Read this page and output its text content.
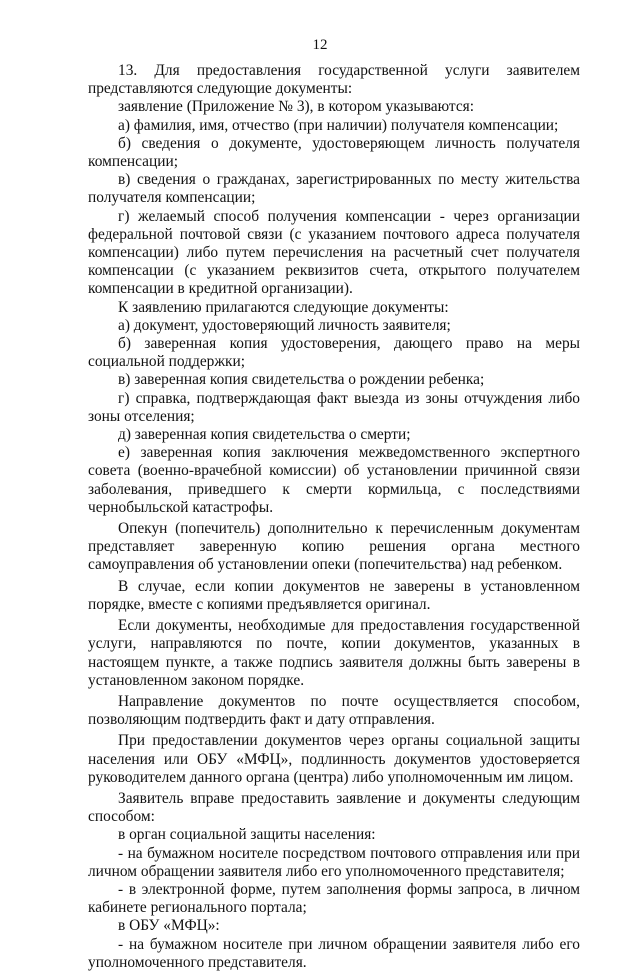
12

13. Для предоставления государственной услуги заявителем представляются следующие документы:

заявление (Приложение № 3), в котором указываются:

а) фамилия, имя, отчество (при наличии) получателя компенсации;

б) сведения о документе, удостоверяющем личность получателя компенсации;

в) сведения о гражданах, зарегистрированных по месту жительства получателя компенсации;

г) желаемый способ получения компенсации - через организации федеральной почтовой связи (с указанием почтового адреса получателя компенсации) либо путем перечисления на расчетный счет получателя компенсации (с указанием реквизитов счета, открытого получателем компенсации в кредитной организации).

К заявлению прилагаются следующие документы:

а) документ, удостоверяющий личность заявителя;

б) заверенная копия удостоверения, дающего право на меры социальной поддержки;

в) заверенная копия свидетельства о рождении ребенка;

г) справка, подтверждающая факт выезда из зоны отчуждения либо зоны отселения;

д) заверенная копия свидетельства о смерти;

е) заверенная копия заключения межведомственного экспертного совета (военно-врачебной комиссии) об установлении причинной связи заболевания, приведшего к смерти кормильца, с последствиями чернобыльской катастрофы.

Опекун (попечитель) дополнительно к перечисленным документам представляет заверенную копию решения органа местного самоуправления об установлении опеки (попечительства) над ребенком.

В случае, если копии документов не заверены в установленном порядке, вместе с копиями предъявляется оригинал.

Если документы, необходимые для предоставления государственной услуги, направляются по почте, копии документов, указанных в настоящем пункте, а также подпись заявителя должны быть заверены в установленном законом порядке.

Направление документов по почте осуществляется способом, позволяющим подтвердить факт и дату отправления.

При предоставлении документов через органы социальной защиты населения или ОБУ «МФЦ», подлинность документов удостоверяется руководителем данного органа (центра) либо уполномоченным им лицом.

Заявитель вправе предоставить заявление и документы следующим способом:

в орган социальной защиты населения:

- на бумажном носителе посредством почтового отправления или при личном обращении заявителя либо его уполномоченного представителя;

- в электронной форме, путем заполнения формы запроса, в личном кабинете регионального портала;

в ОБУ «МФЦ»:

- на бумажном носителе при личном обращении заявителя либо его уполномоченного представителя.
